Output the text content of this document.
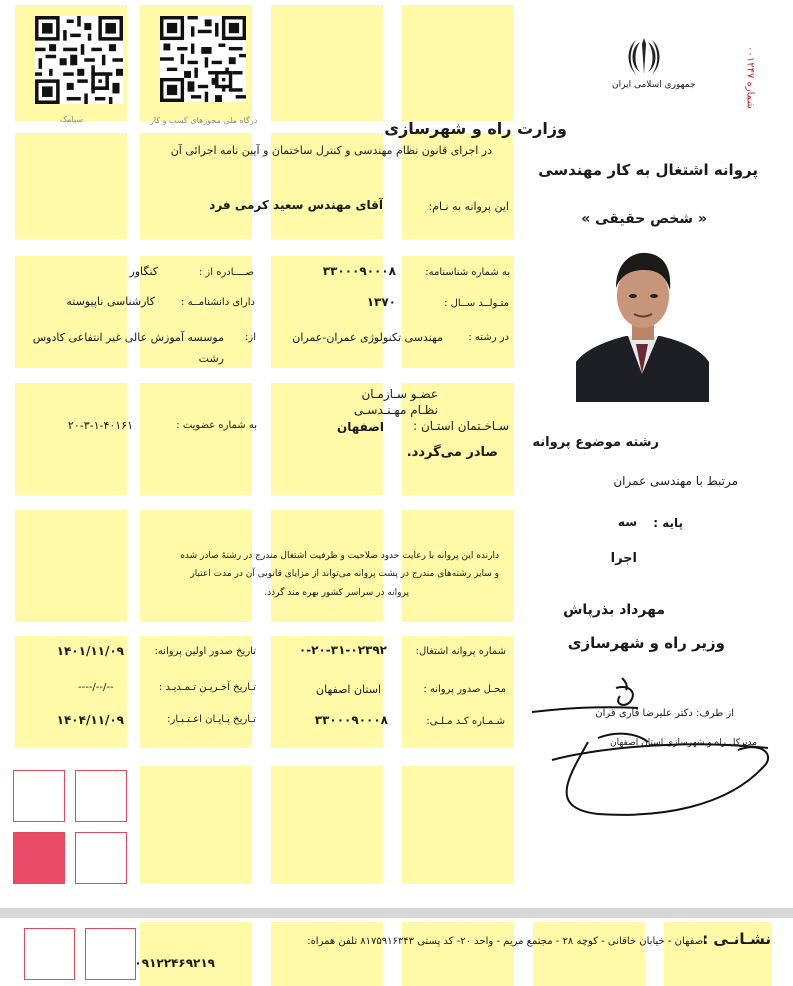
سپامک	درگاه ملی مجوزهای کسب و کار
جمهوری اسلامی ایران	شماره ۰۰۱۲۴۷
وزارت راه و شهرسازی
پروانه اشتغال به کار مهندسی
« شخص حقیقی »
در اجرای قانون نظام مهندسی و کنترل ساختمان و آیین نامه اجرائی آن
این پروانه به نـام:
آقای مهندس سعید کرمی فرد
به شماره شناسنامه:
۳۳۰۰۰۹۰۰۰۸
صــــادره از :
کنگاور
متـولــد ســال :
۱۳۷۰
دارای دانشنامــه :
کارشناسی ناپیوسته
در رشته :
مهندسی تکنولوژی عمران-عمران
از:
موسسه آموزش عالی غیر انتفاعی کادوس
رشت
عضـو سـازمـان
نظـام مهـنـدسـی
سـاخـتمان استـان :
اصفهان
صادر می‌گردد.
به شماره عضویت :
۲۰-۳-۱-۴۰۱۶۱
رشته موضوع پروانه
مرتبط با مهندسی عمران
پایه :
سه
اجرا
دارنده این پروانه با رعایت حدود صلاحیت و ظرفیت اشتغال مندرج در رشتهٔ صادر شده
و سایر رشته‌های مندرج در پشت پروانه می‌تواند از مزایای قانونی آن در مدت اعتبار
پروانه در سراسر کشور بهره مند گردد.
مهرداد بذرپاش
وزیر راه و شهرسازی
شماره پروانه اشتغال:
۰-۲۰-۳۱-۰۲۳۹۲
تاریخ صدور اولین پروانه:
۱۴۰۱/۱۱/۰۹
محـل صدور پروانه :
استان اصفهان
تـاریخ آخـریـن تـمـدیـد :
----/--/--
شـمـاره کـد مـلـی:
۳۳۰۰۰۹۰۰۰۸
تـاریخ پـایـان اعـتـبـار:
۱۴۰۴/۱۱/۰۹	از طرف: دکتر علیرضا قاری قرآن
مدیرکل راه و شهرسازی استان اصفهان
نشـانـی :
اصفهان - خیابان خاقانی - کوچه ۲۸ - مجتمع مریم - واحد ۲۰- کد پستی ۸۱۷۵۹۱۶۳۴۳ تلفن همراه:
۰۹۱۲۲۴۶۹۲۱۹
